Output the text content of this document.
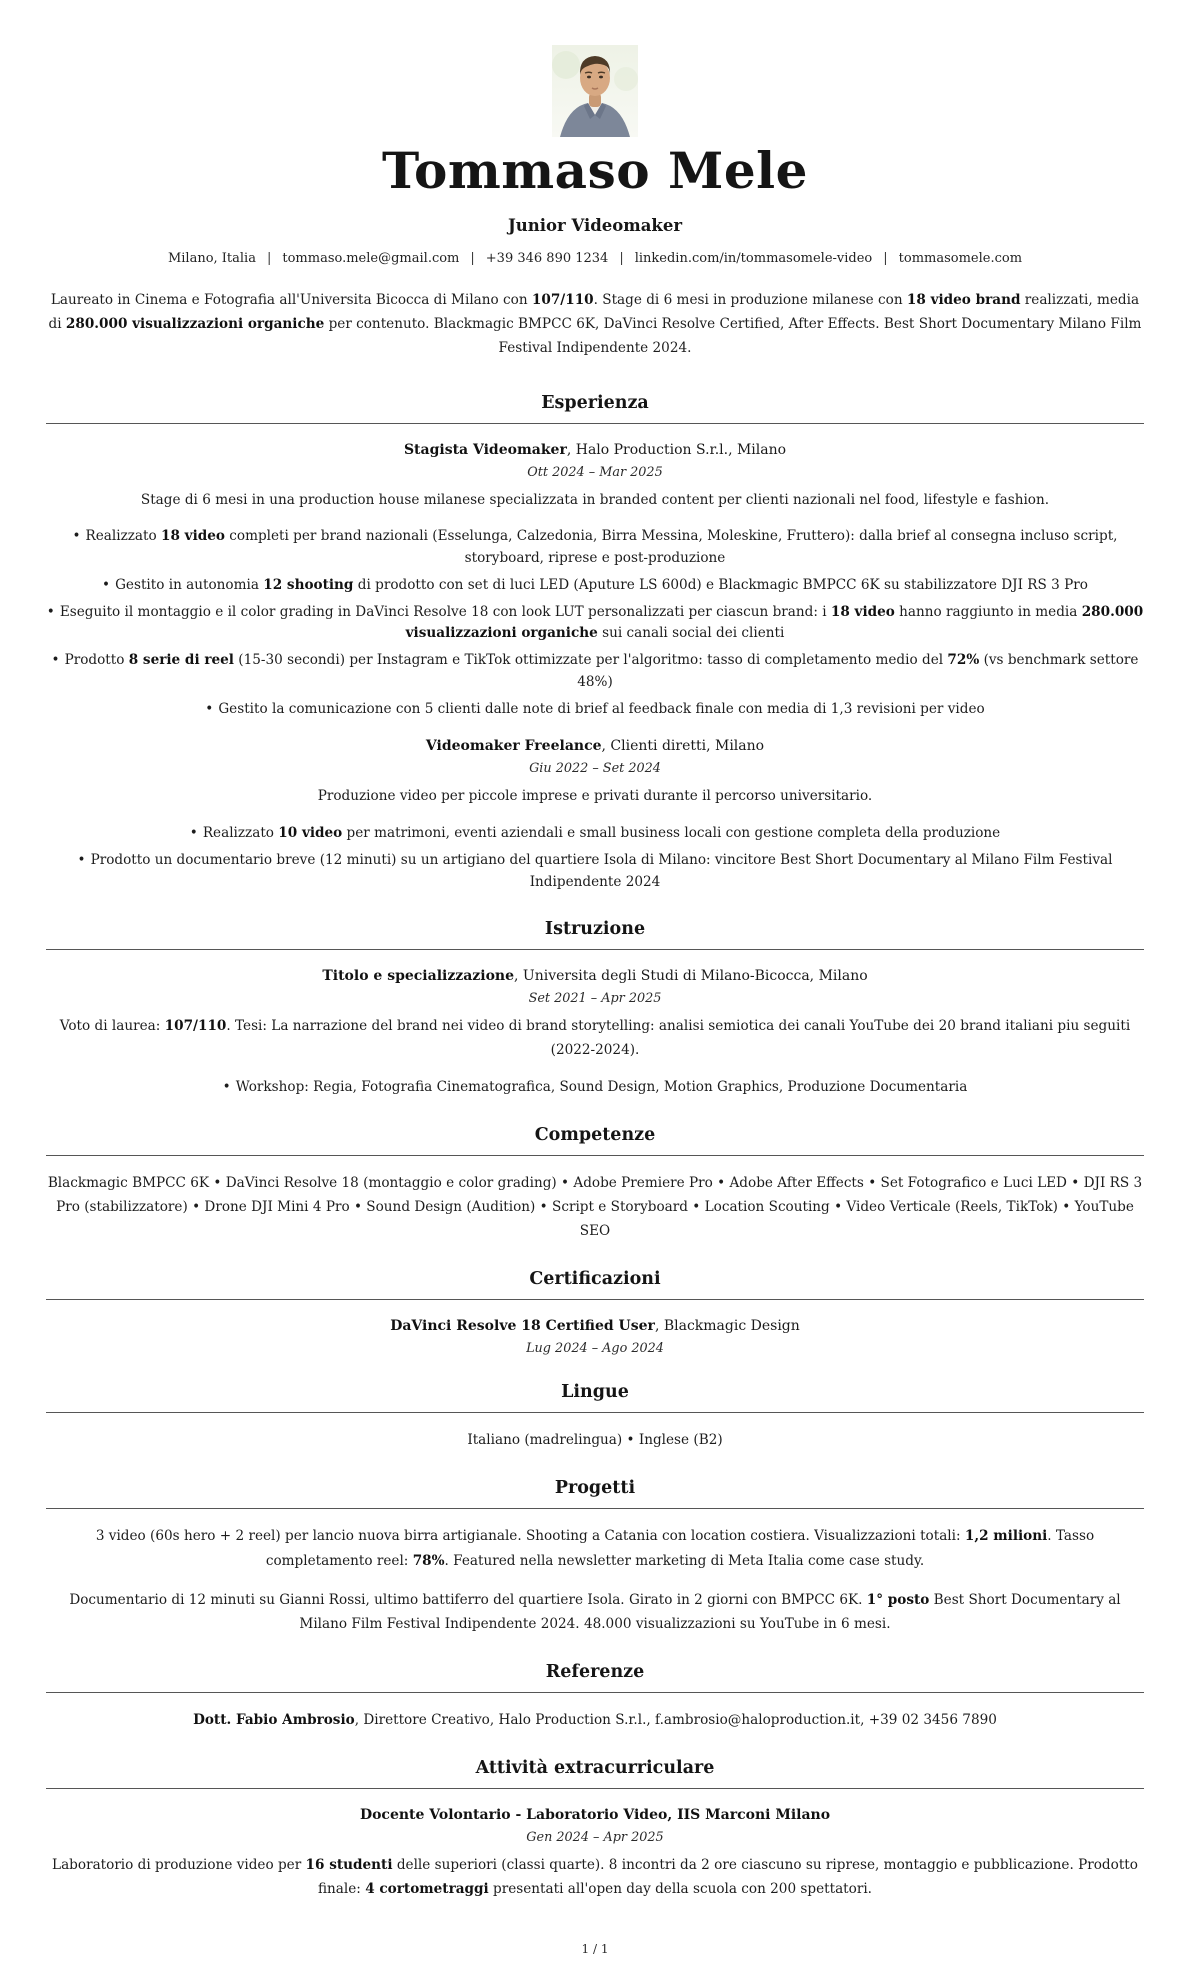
Tommaso Mele
Junior Videomaker
Milano, Italia | tommaso.mele@gmail.com | +39 346 890 1234 | linkedin.com/in/tommasomele-video | tommasomele.com

Laureato in Cinema e Fotografia all'Universita Bicocca di Milano con 107/110. Stage di 6 mesi in produzione milanese con 18 video brand realizzati, media di 280.000 visualizzazioni organiche per contenuto. Blackmagic BMPCC 6K, DaVinci Resolve Certified, After Effects. Best Short Documentary Milano Film Festival Indipendente 2024.

Esperienza

Stagista Videomaker, Halo Production S.r.l., Milano

Ott 2024 – Mar 2025

Stage di 6 mesi in una production house milanese specializzata in branded content per clienti nazionali nel food, lifestyle e fashion.

• Realizzato 18 video completi per brand nazionali (Esselunga, Calzedonia, Birra Messina, Moleskine, Fruttero): dalla brief al consegna incluso script, storyboard, riprese e post-produzione

• Gestito in autonomia 12 shooting di prodotto con set di luci LED (Aputure LS 600d) e Blackmagic BMPCC 6K su stabilizzatore DJI RS 3 Pro

• Eseguito il montaggio e il color grading in DaVinci Resolve 18 con look LUT personalizzati per ciascun brand: i 18 video hanno raggiunto in media 280.000 visualizzazioni organiche sui canali social dei clienti

• Prodotto 8 serie di reel (15-30 secondi) per Instagram e TikTok ottimizzate per l'algoritmo: tasso di completamento medio del 72% (vs benchmark settore 48%)

• Gestito la comunicazione con 5 clienti dalle note di brief al feedback finale con media di 1,3 revisioni per video

Videomaker Freelance, Clienti diretti, Milano

Giu 2022 – Set 2024

Produzione video per piccole imprese e privati durante il percorso universitario.

• Realizzato 10 video per matrimoni, eventi aziendali e small business locali con gestione completa della produzione

• Prodotto un documentario breve (12 minuti) su un artigiano del quartiere Isola di Milano: vincitore Best Short Documentary al Milano Film Festival Indipendente 2024

Istruzione

Titolo e specializzazione, Universita degli Studi di Milano-Bicocca, Milano

Set 2021 – Apr 2025

Voto di laurea: 107/110. Tesi: La narrazione del brand nei video di brand storytelling: analisi semiotica dei canali YouTube dei 20 brand italiani piu seguiti (2022-2024).

• Workshop: Regia, Fotografia Cinematografica, Sound Design, Motion Graphics, Produzione Documentaria

Competenze

Blackmagic BMPCC 6K • DaVinci Resolve 18 (montaggio e color grading) • Adobe Premiere Pro • Adobe After Effects • Set Fotografico e Luci LED • DJI RS 3 Pro (stabilizzatore) • Drone DJI Mini 4 Pro • Sound Design (Audition) • Script e Storyboard • Location Scouting • Video Verticale (Reels, TikTok) • YouTube SEO

Certificazioni

DaVinci Resolve 18 Certified User, Blackmagic Design

Lug 2024 – Ago 2024

Lingue

Italiano (madrelingua) • Inglese (B2)

Progetti

3 video (60s hero + 2 reel) per lancio nuova birra artigianale. Shooting a Catania con location costiera. Visualizzazioni totali: 1,2 milioni. Tasso completamento reel: 78%. Featured nella newsletter marketing di Meta Italia come case study.

Documentario di 12 minuti su Gianni Rossi, ultimo battiferro del quartiere Isola. Girato in 2 giorni con BMPCC 6K. 1° posto Best Short Documentary al Milano Film Festival Indipendente 2024. 48.000 visualizzazioni su YouTube in 6 mesi.

Referenze

Dott. Fabio Ambrosio, Direttore Creativo, Halo Production S.r.l., f.ambrosio@haloproduction.it, +39 02 3456 7890

Attività extracurriculare

Docente Volontario - Laboratorio Video, IIS Marconi Milano

Gen 2024 – Apr 2025

Laboratorio di produzione video per 16 studenti delle superiori (classi quarte). 8 incontri da 2 ore ciascuno su riprese, montaggio e pubblicazione. Prodotto finale: 4 cortometraggi presentati all'open day della scuola con 200 spettatori.

1 / 1
